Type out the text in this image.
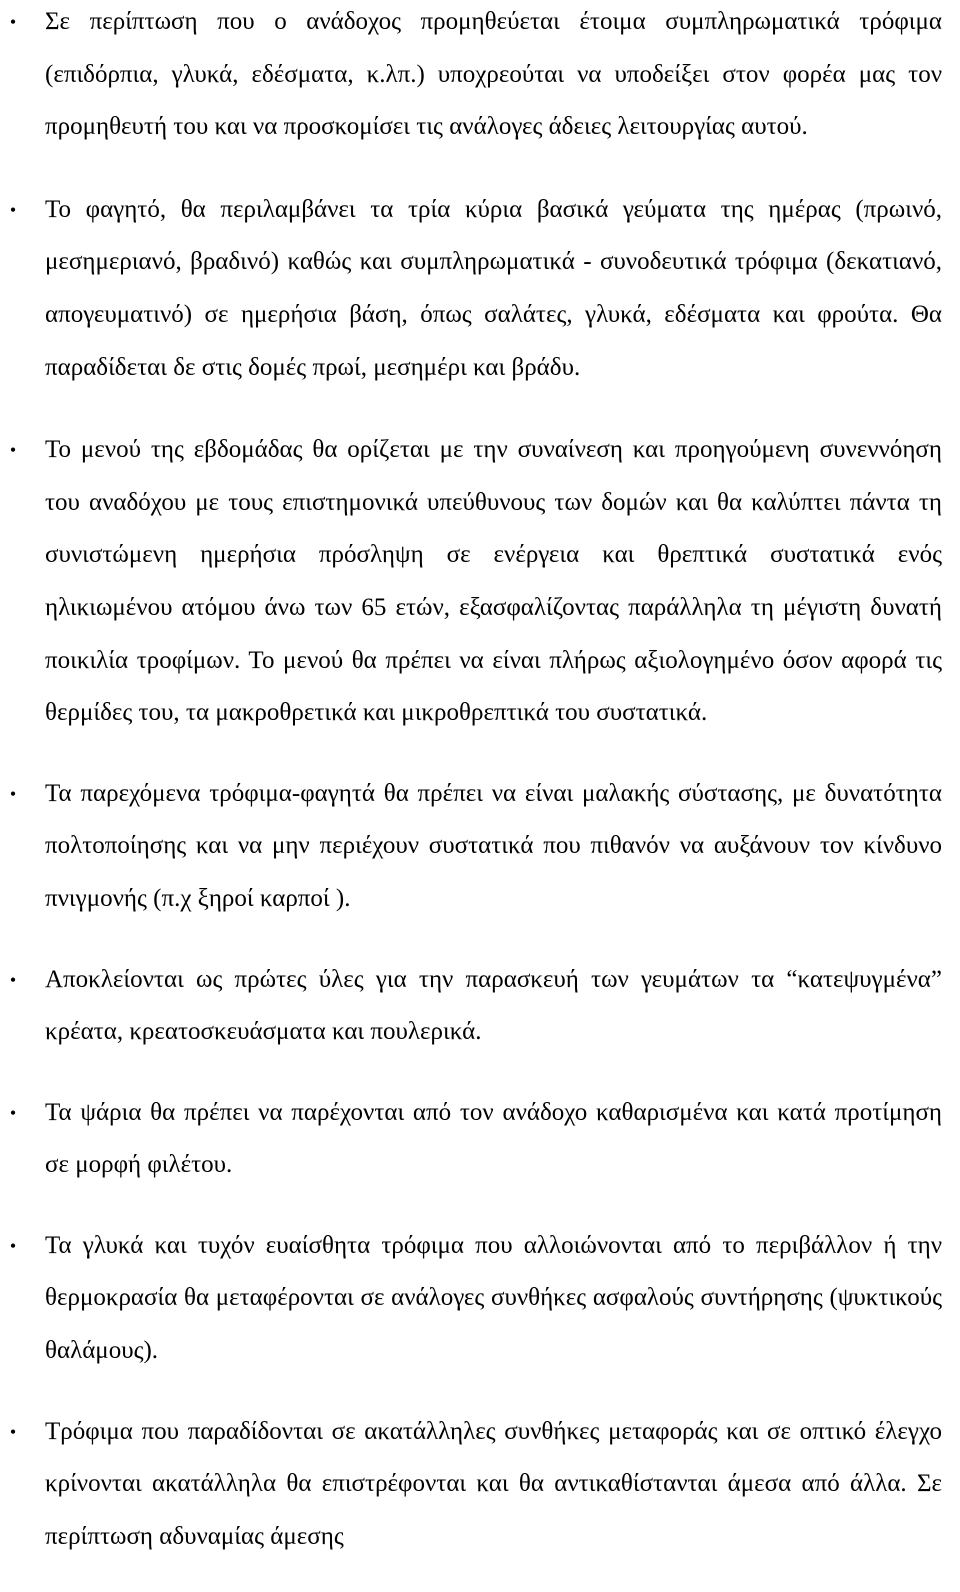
• Σε περίπτωση που ο ανάδοχος προμηθεύεται έτοιμα συμπληρωματικά τρόφιμα (επιδόρπια, γλυκά, εδέσματα, κ.λπ.) υποχρεούται να υποδείξει στον φορέα μας τον προμηθευτή του και να προσκομίσει τις ανάλογες άδειες λειτουργίας αυτού.
• Το φαγητό, θα περιλαμβάνει τα τρία κύρια βασικά γεύματα της ημέρας (πρωινό, μεσημεριανό, βραδινό) καθώς και συμπληρωματικά - συνοδευτικά τρόφιμα (δεκατιανό, απογευματινό) σε ημερήσια βάση, όπως σαλάτες, γλυκά, εδέσματα και φρούτα. Θα παραδίδεται δε στις δομές πρωί, μεσημέρι και βράδυ.
• Το μενού της εβδομάδας θα ορίζεται με την συναίνεση και προηγούμενη συνεννόηση του αναδόχου με τους επιστημονικά υπεύθυνους των δομών και θα καλύπτει πάντα τη συνιστώμενη ημερήσια πρόσληψη σε ενέργεια και θρεπτικά συστατικά ενός ηλικιωμένου ατόμου άνω των 65 ετών, εξασφαλίζοντας παράλληλα τη μέγιστη δυνατή ποικιλία τροφίμων. Το μενού θα πρέπει να είναι πλήρως αξιολογημένο όσον αφορά τις θερμίδες του, τα μακροθρετικά και μικροθρεπτικά του συστατικά.
• Τα παρεχόμενα τρόφιμα-φαγητά θα πρέπει να είναι μαλακής σύστασης, με δυνατότητα πολτοποίησης και να μην περιέχουν συστατικά που πιθανόν να αυξάνουν τον κίνδυνο πνιγμονής (π.χ ξηροί καρποί ).
• Αποκλείονται ως πρώτες ύλες για την παρασκευή των γευμάτων τα “κατεψυγμένα” κρέατα, κρεατοσκευάσματα και πουλερικά.
• Τα ψάρια θα πρέπει να παρέχονται από τον ανάδοχο καθαρισμένα και κατά προτίμηση σε μορφή φιλέτου.
• Τα γλυκά και τυχόν ευαίσθητα τρόφιμα που αλλοιώνονται από το περιβάλλον ή την θερμοκρασία θα μεταφέρονται σε ανάλογες συνθήκες ασφαλούς συντήρησης (ψυκτικούς θαλάμους).
• Τρόφιμα που παραδίδονται σε ακατάλληλες συνθήκες μεταφοράς και σε οπτικό έλεγχο κρίνονται ακατάλληλα θα επιστρέφονται και θα αντικαθίστανται άμεσα από άλλα. Σε περίπτωση αδυναμίας άμεσης
